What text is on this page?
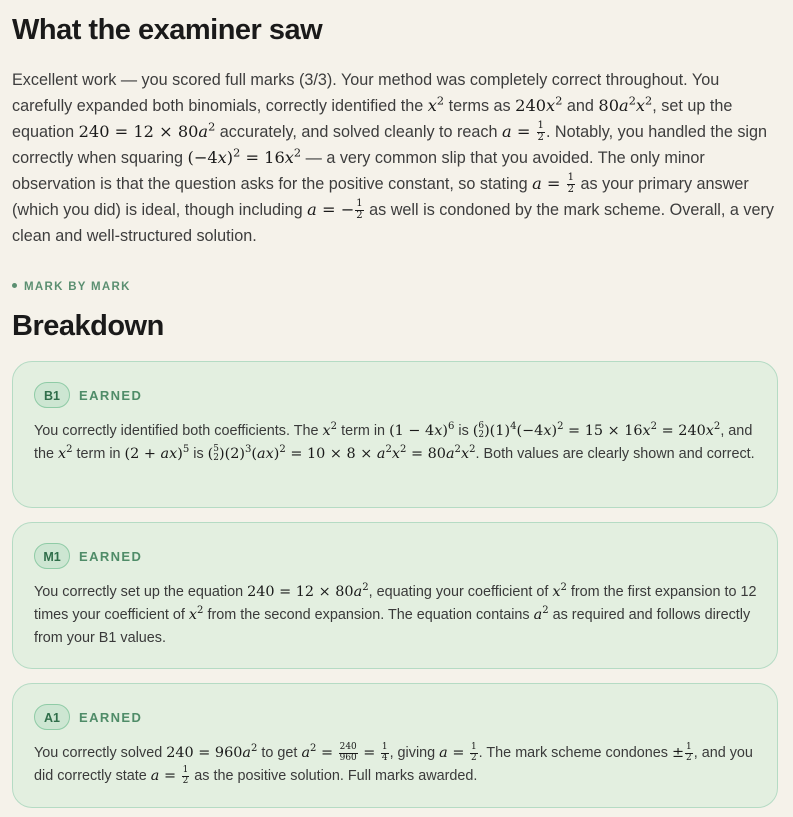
What the examiner saw
Excellent work — you scored full marks (3/3). Your method was completely correct throughout. You carefully expanded both binomials, correctly identified the $x^2$ terms as $240x^2$ and $80a^2x^2$, set up the equation $240 = 12 \times 80a^2$ accurately, and solved cleanly to reach $a = \frac{1}{2}$ . Notably, you handled the sign correctly when squaring $(-4x)^2 = 16x^2$ — a very common slip that you avoided. The only minor observation is that the question asks for the positive constant, so stating $a = \frac{1}{2}$ as your primary answer (which you did) is ideal, though including a = − $\frac{1}{2}$ as well is condoned by the mark scheme. Overall, a very clean and well-structured solution.
MARK BY MARK
Breakdown
B1	EARNED
You correctly identified both coefficients. The $x^2$ term in $(1 - 4x)^6$ is ( 6
2 )$(1)^4(-4x)^2 = 15 \times 16x^2 = 240x^2$, and the $x^2$ term in (2 + ax)$^5$ is ( 5
2 )$(2)^3(ax)^2 = 10 \times 8 \times a^2x^2 = 80a^2x^2$. Both values are clearly shown and correct.
M1	EARNED
You correctly set up the equation $240 = 12 \times 80a^2$, equating your coefficient of $x^2$ from the first expansion to 12 times your coefficient of $x^2$ from the second expansion. The equation contains $a^2$ as required and follows directly from your B1 values.
A1	EARNED
You correctly solved $240 = 960a^2$ to get $a^2 = \frac{240}{960} = \frac{1}{4}$ , giving $a = \frac{1}{2}$ . The mark scheme condones ± $\frac{1}{2}$ , and you did correctly state $a = \frac{1}{2}$ as the positive solution. Full marks awarded.
